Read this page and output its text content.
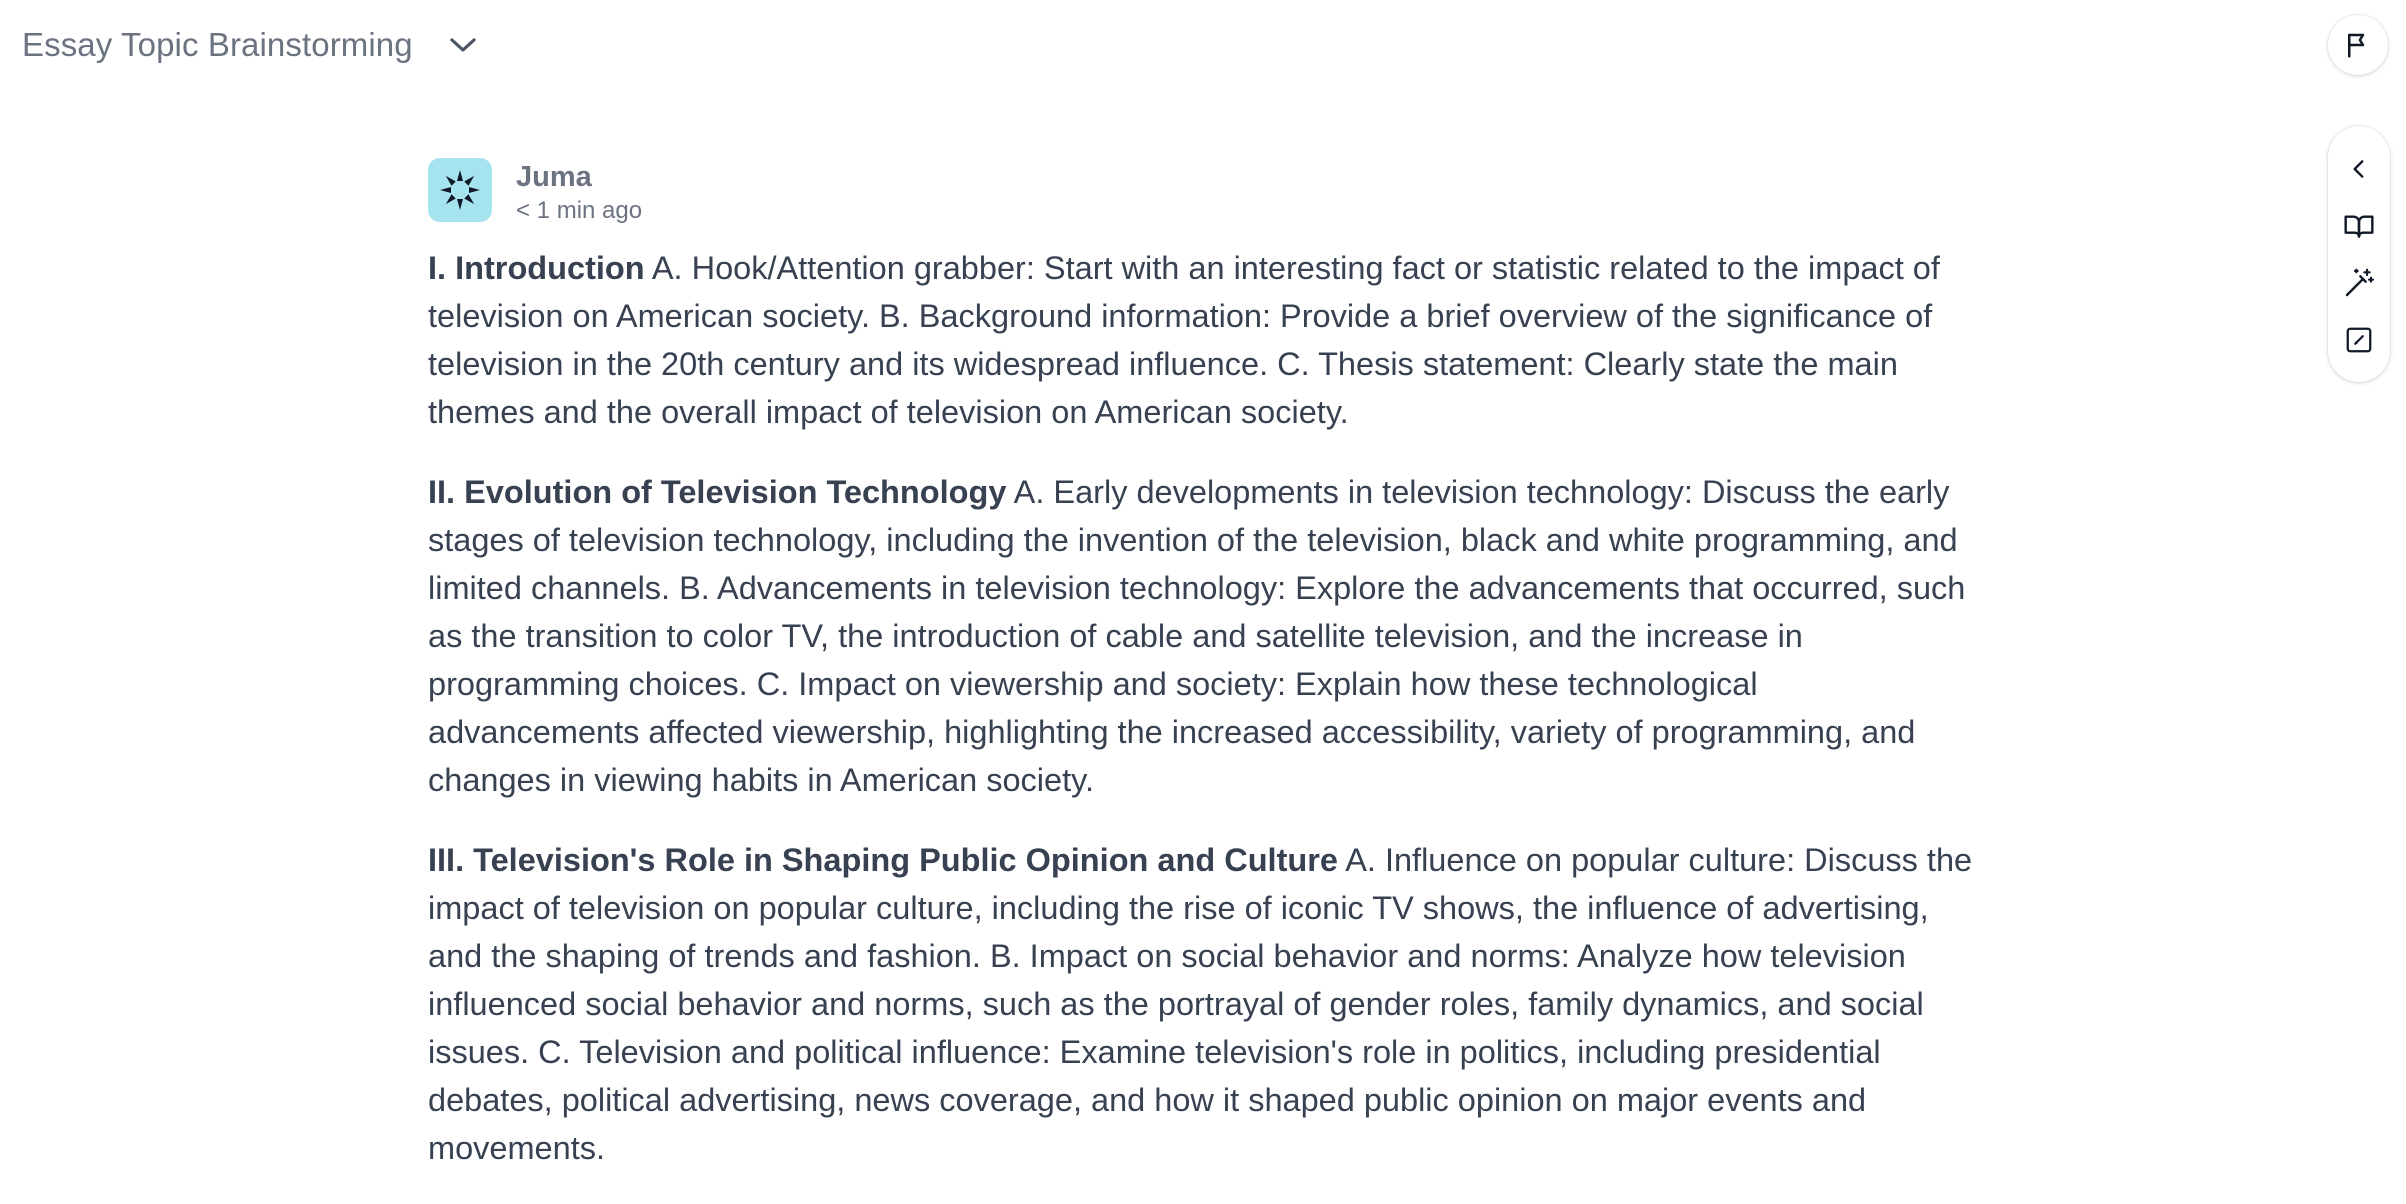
Essay Topic Brainstorming
Juma
< 1 min ago

I. Introduction A. Hook/Attention grabber: Start with an interesting fact or statistic related to the impact of television on American society. B. Background information: Provide a brief overview of the significance of television in the 20th century and its widespread influence. C. Thesis statement: Clearly state the main themes and the overall impact of television on American society.

II. Evolution of Television Technology A. Early developments in television technology: Discuss the early stages of television technology, including the invention of the television, black and white programming, and limited channels. B. Advancements in television technology: Explore the advancements that occurred, such as the transition to color TV, the introduction of cable and satellite television, and the increase in programming choices. C. Impact on viewership and society: Explain how these technological advancements affected viewership, highlighting the increased accessibility, variety of programming, and changes in viewing habits in American society.

III. Television's Role in Shaping Public Opinion and Culture A. Influence on popular culture: Discuss the impact of television on popular culture, including the rise of iconic TV shows, the influence of advertising, and the shaping of trends and fashion. B. Impact on social behavior and norms: Analyze how television influenced social behavior and norms, such as the portrayal of gender roles, family dynamics, and social issues. C. Television and political influence: Examine television's role in politics, including presidential debates, political advertising, news coverage, and how it shaped public opinion on major events and movements.
